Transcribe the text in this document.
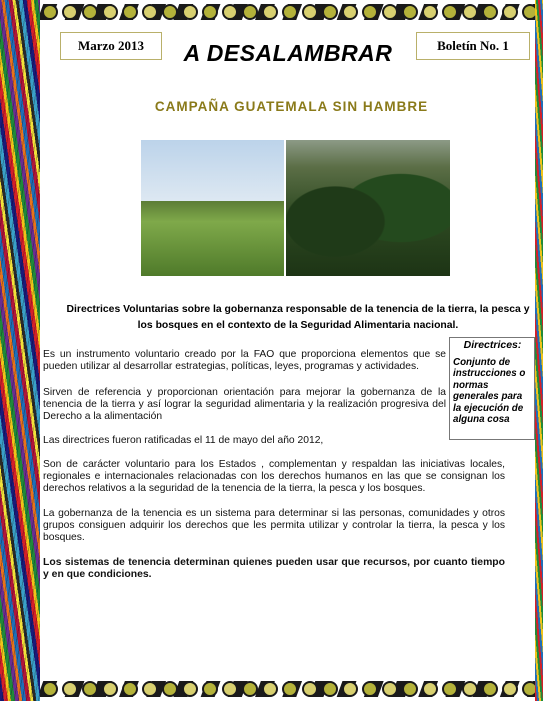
Marzo 2013	A DESALAMBRAR	Boletín No. 1
CAMPAÑA GUATEMALA SIN HAMBRE
Directrices Voluntarias sobre la gobernanza responsable de la tenencia de la tierra, la pesca y los bosques en el contexto de la Seguridad Alimentaria nacional.
Directrices:
Conjunto de instrucciones o normas generales para la ejecución de alguna cosa
Es un instrumento voluntario creado por la FAO que proporciona elementos que se pueden utilizar al desarrollar estrategias, políticas, leyes, programas y actividades.
Sirven de referencia y proporcionan orientación para mejorar la gobernanza de la tenencia de la tierra y así lograr la seguridad alimentaria y la realización progresiva del Derecho a la alimentación
Las directrices fueron ratificadas el 11 de mayo del año 2012,
Son de carácter voluntario para los Estados , complementan y respaldan las iniciativas locales, regionales e internacionales relacionadas con los derechos humanos en las que se consignan los derechos relativos a la seguridad de la tenencia de la tierra, la pesca y los bosques.
La gobernanza de la tenencia es un sistema para determinar si las personas, comunidades y otros grupos consiguen adquirir los derechos que les permita utilizar y controlar la tierra, la pesca y los bosques.
Los sistemas de tenencia determinan quienes pueden usar que recursos, por cuanto tiempo y en que condiciones.
